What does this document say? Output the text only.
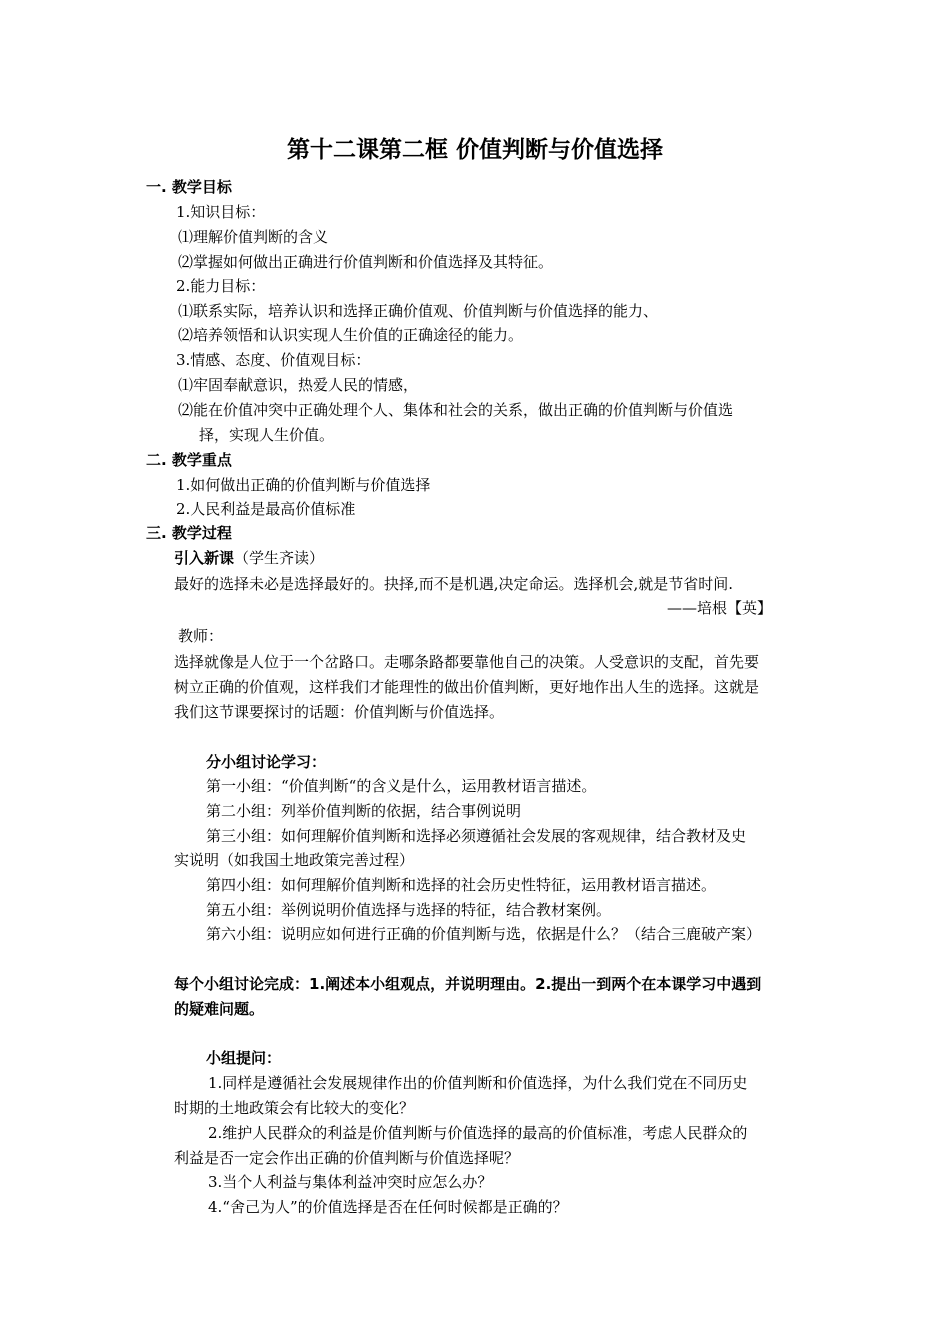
第十二课第二框 价值判断与价值选择
一. 教学目标
1.知识目标：
⑴理解价值判断的含义
⑵掌握如何做出正确进行价值判断和价值选择及其特征。
2.能力目标：
⑴联系实际，培养认识和选择正确价值观、价值判断与价值选择的能力、
⑵培养领悟和认识实现人生价值的正确途径的能力。
3.情感、态度、价值观目标：
⑴牢固奉献意识，热爱人民的情感，
⑵能在价值冲突中正确处理个人、集体和社会的关系，做出正确的价值判断与价值选
择，实现人生价值。
二. 教学重点
1.如何做出正确的价值判断与价值选择
2.人民利益是最高价值标准
三. 教学过程
引入新课（学生齐读）
最好的选择未必是选择最好的。抉择,而不是机遇,决定命运。选择机会,就是节省时间.
——培根【英】
教师：
选择就像是人位于一个岔路口。走哪条路都要靠他自己的决策。人受意识的支配，首先要
树立正确的价值观，这样我们才能理性的做出价值判断，更好地作出人生的选择。这就是
我们这节课要探讨的话题：价值判断与价值选择。
分小组讨论学习：
第一小组：“价值判断“的含义是什么，运用教材语言描述。
第二小组：列举价值判断的依据，结合事例说明
第三小组：如何理解价值判断和选择必须遵循社会发展的客观规律，结合教材及史
实说明（如我国土地政策完善过程）
第四小组：如何理解价值判断和选择的社会历史性特征，运用教材语言描述。
第五小组：举例说明价值选择与选择的特征，结合教材案例。
第六小组：说明应如何进行正确的价值判断与选，依据是什么？（结合三鹿破产案）
每个小组讨论完成：1.阐述本小组观点，并说明理由。2.提出一到两个在本课学习中遇到
的疑难问题。
小组提问：
1.同样是遵循社会发展规律作出的价值判断和价值选择，为什么我们党在不同历史
时期的土地政策会有比较大的变化？
2.维护人民群众的利益是价值判断与价值选择的最高的价值标准，考虑人民群众的
利益是否一定会作出正确的价值判断与价值选择呢？
3.当个人利益与集体利益冲突时应怎么办？
4.“舍己为人”的价值选择是否在任何时候都是正确的？
